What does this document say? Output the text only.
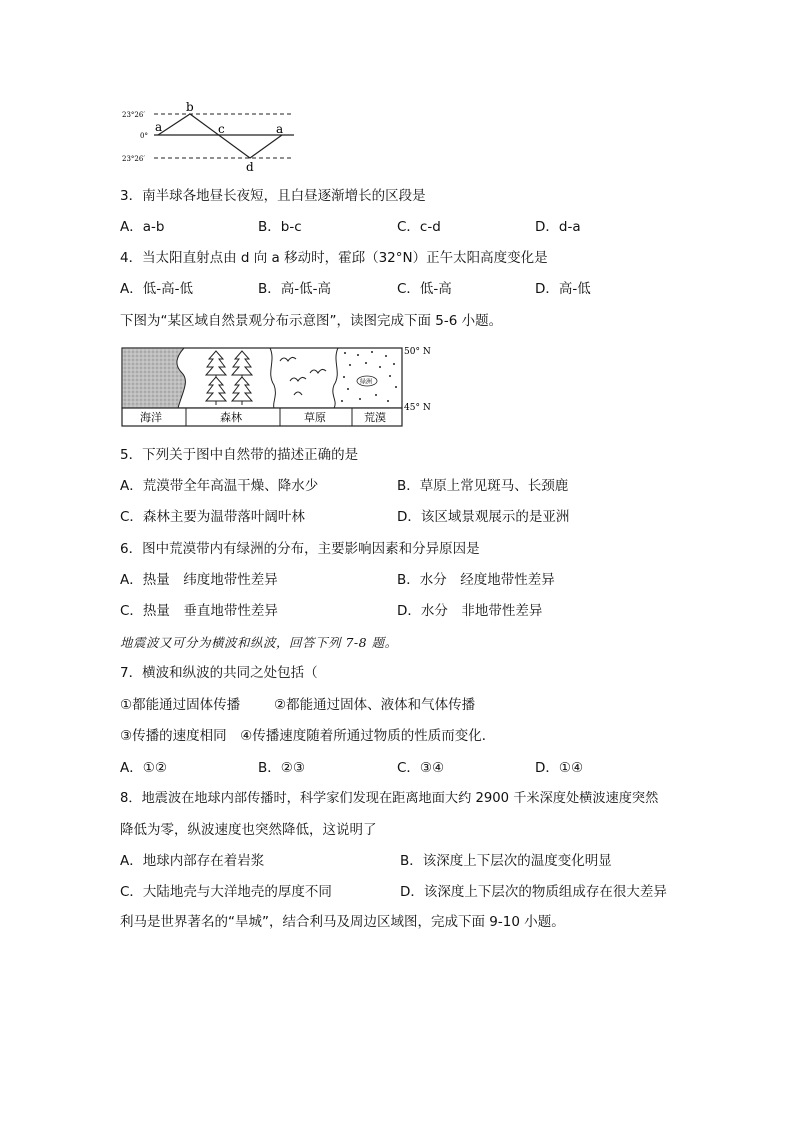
23°26′
0°
23°26′
a
b
c	a
d
3．南半球各地昼长夜短，且白昼逐渐增长的区段是
A．a-b	B．b-c	C．c-d	D．d-a
4．当太阳直射点由 d 向 a 移动时，霍邱（32°N）正午太阳高度变化是
A．低-高-低	B．高-低-高	C．低-高	D．高-低
下图为“某区域自然景观分布示意图”，读图完成下面 5-6 小题。
绿洲
海洋	森林	草原	荒漠
50° N
45° N
5．下列关于图中自然带的描述正确的是
A．荒漠带全年高温干燥、降水少	B．草原上常见斑马、长颈鹿
C．森林主要为温带落叶阔叶林	D．该区域景观展示的是亚洲
6．图中荒漠带内有绿洲的分布，主要影响因素和分异原因是
A．热量　纬度地带性差异	B．水分　经度地带性差异
C．热量　垂直地带性差异	D．水分　非地带性差异
地震波又可分为横波和纵波，回答下列 7-8 题。
7．横波和纵波的共同之处包括（
①都能通过固体传播	②都能通过固体、液体和气体传播
③传播的速度相同　④传播速度随着所通过物质的性质而变化．
A．①②	B．②③	C．③④	D．①④
8．地震波在地球内部传播时，科学家们发现在距离地面大约 2900 千米深度处横波速度突然
降低为零，纵波速度也突然降低，这说明了
A．地球内部存在着岩浆	B．该深度上下层次的温度变化明显
C．大陆地壳与大洋地壳的厚度不同	D．该深度上下层次的物质组成存在很大差异
利马是世界著名的“旱城”，结合利马及周边区域图，完成下面 9-10 小题。
